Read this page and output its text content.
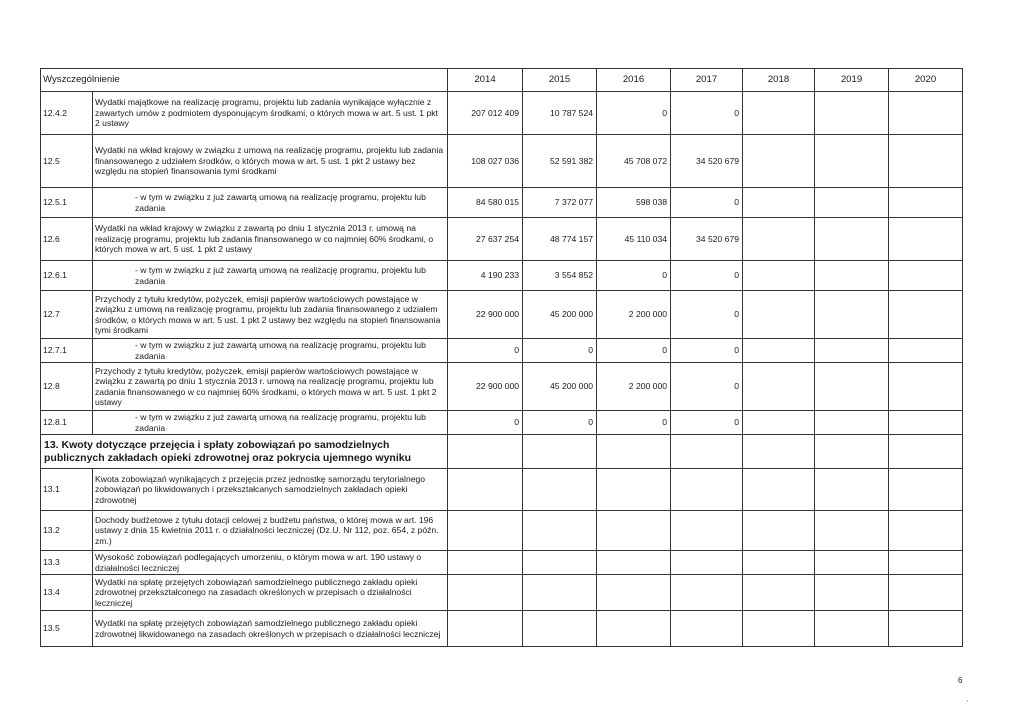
Wyszczególnienie		2014	2015	2016	2017	2018	2019	2020
12.4.2	Wydatki majątkowe na realizację programu, projektu lub zadania wynikające wyłącznie z zawartych umów z podmiotem dysponującym środkami, o których mowa w art. 5 ust. 1 pkt 2 ustawy	207 012 409	10 787 524	0	0			
12.5	Wydatki na wkład krajowy w związku z umową na realizację programu, projektu lub zadania finansowanego z udziałem środków, o których mowa w art. 5 ust. 1 pkt 2 ustawy bez względu na stopień finansowania tymi środkami	108 027 036	52 591 382	45 708 072	34 520 679			
12.5.1	- w tym w związku z już zawartą umową na realizację programu, projektu lub zadania	84 580 015	7 372 077	598 038	0			
12.6	Wydatki na wkład krajowy w związku z zawartą po dniu 1 stycznia 2013 r. umową na realizację programu, projektu lub zadania finansowanego w co najmniej 60% środkami, o których mowa w art. 5 ust. 1 pkt 2 ustawy	27 637 254	48 774 157	45 110 034	34 520 679			
12.6.1	- w tym w związku z już zawartą umową na realizację programu, projektu lub zadania	4 190 233	3 554 852	0	0			
12.7	Przychody z tytułu kredytów, pożyczek, emisji papierów wartościowych powstające w związku z umową na realizację programu, projektu lub zadania finansowanego z udziałem środków, o których mowa w art. 5 ust. 1 pkt 2 ustawy bez względu na stopień finansowania tymi środkami	22 900 000	45 200 000	2 200 000	0			
12.7.1	- w tym w związku z już zawartą umową na realizację programu, projektu lub zadania	0	0	0	0			
12.8	Przychody z tytułu kredytów, pożyczek, emisji papierów wartościowych powstające w związku z zawartą po dniu 1 stycznia 2013 r. umową na realizację programu, projektu lub zadania finansowanego w co najmniej 60% środkami, o których mowa w art. 5 ust. 1 pkt 2 ustawy	22 900 000	45 200 000	2 200 000	0			
12.8.1	- w tym w związku z już zawartą umową na realizację programu, projektu lub zadania	0	0	0	0			
13. Kwoty dotyczące przejęcia i spłaty zobowiązań po samodzielnych publicznych zakładach opieki zdrowotnej oraz pokrycia ujemnego wyniku								
13.1	Kwota zobowiązań wynikających z przejęcia przez jednostkę samorządu terytorialnego zobowiązań po likwidowanych i przekształcanych samodzielnych zakładach opieki zdrowotnej							
13.2	Dochody budżetowe z tytułu dotacji celowej z budżetu państwa, o której mowa w art. 196 ustawy z dnia 15 kwietnia 2011 r. o działalności leczniczej (Dz.U. Nr 112, poz. 654, z późn. zm.)							
13.3	Wysokość zobowiązań podlegających umorzeniu, o którym mowa w art. 190 ustawy o działalności leczniczej							
13.4	Wydatki na spłatę przejętych zobowiązań samodzielnego publicznego zakładu opieki zdrowotnej przekształconego na zasadach określonych w przepisach o działalności leczniczej							
13.5	Wydatki na spłatę przejętych zobowiązań samodzielnego publicznego zakładu opieki zdrowotnej likwidowanego na zasadach określonych w przepisach o działalności leczniczej							
6
'
